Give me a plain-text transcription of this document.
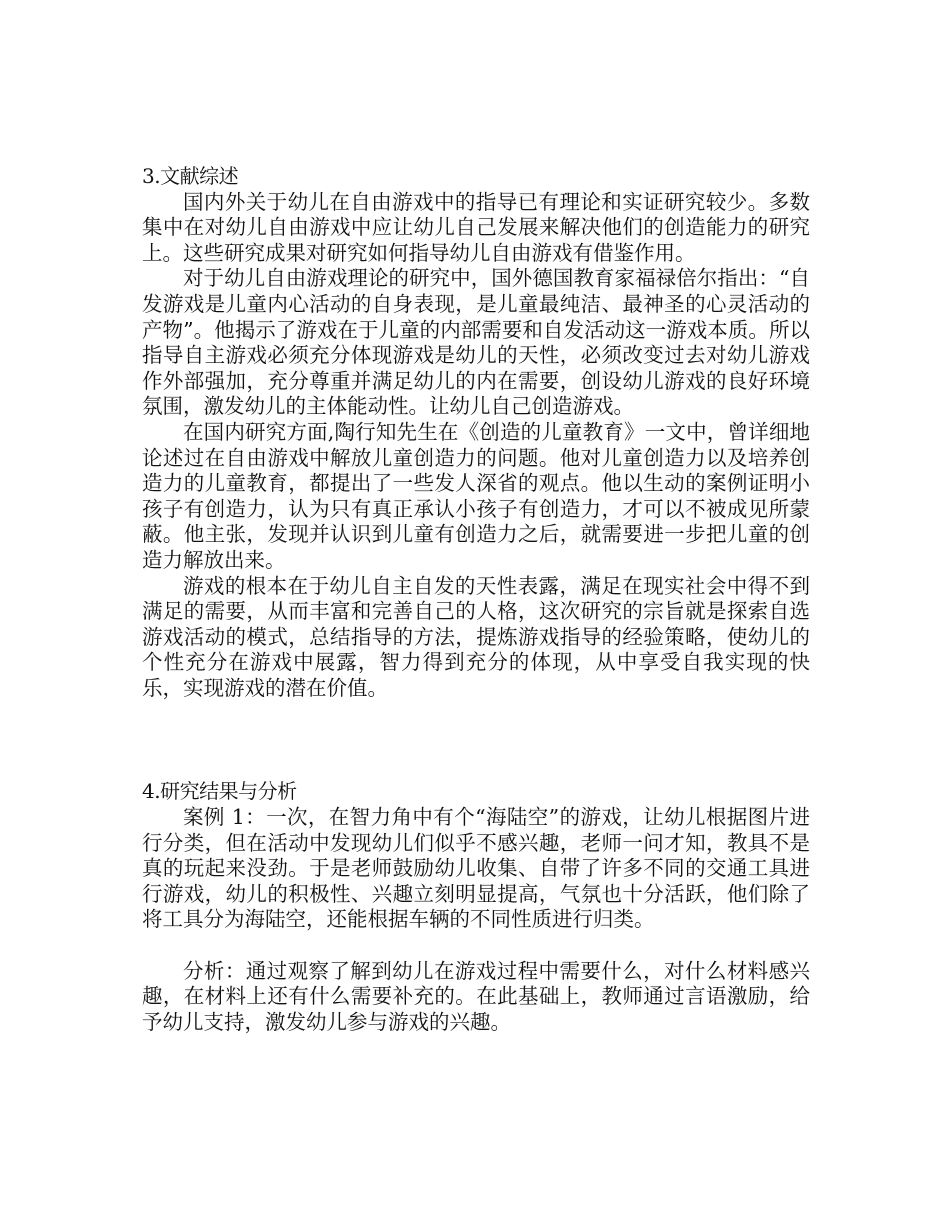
3.文献综述

国内外关于幼儿在自由游戏中的指导已有理论和实证研究较少。多数集中在对幼儿自由游戏中应让幼儿自己发展来解决他们的创造能力的研究上。这些研究成果对研究如何指导幼儿自由游戏有借鉴作用。

对于幼儿自由游戏理论的研究中，国外德国教育家福禄倍尔指出：“自发游戏是儿童内心活动的自身表现，是儿童最纯洁、最神圣的心灵活动的产物”。他揭示了游戏在于儿童的内部需要和自发活动这一游戏本质。所以指导自主游戏必须充分体现游戏是幼儿的天性，必须改变过去对幼儿游戏作外部强加，充分尊重并满足幼儿的内在需要，创设幼儿游戏的良好环境氛围，激发幼儿的主体能动性。让幼儿自己创造游戏。

在国内研究方面,陶行知先生在《创造的儿童教育》一文中，曾详细地论述过在自由游戏中解放儿童创造力的问题。他对儿童创造力以及培养创造力的儿童教育，都提出了一些发人深省的观点。他以生动的案例证明小孩子有创造力，认为只有真正承认小孩子有创造力，才可以不被成见所蒙蔽。他主张，发现并认识到儿童有创造力之后，就需要进一步把儿童的创造力解放出来。

游戏的根本在于幼儿自主自发的天性表露，满足在现实社会中得不到满足的需要，从而丰富和完善自己的人格，这次研究的宗旨就是探索自选游戏活动的模式，总结指导的方法，提炼游戏指导的经验策略，使幼儿的个性充分在游戏中展露，智力得到充分的体现，从中享受自我实现的快乐，实现游戏的潜在价值。

4.研究结果与分析

案例 1：一次，在智力角中有个“海陆空”的游戏，让幼儿根据图片进行分类，但在活动中发现幼儿们似乎不感兴趣，老师一问才知，教具不是真的玩起来没劲。于是老师鼓励幼儿收集、自带了许多不同的交通工具进行游戏，幼儿的积极性、兴趣立刻明显提高，气氛也十分活跃，他们除了将工具分为海陆空，还能根据车辆的不同性质进行归类。

分析：通过观察了解到幼儿在游戏过程中需要什么，对什么材料感兴趣，在材料上还有什么需要补充的。在此基础上，教师通过言语激励，给予幼儿支持，激发幼儿参与游戏的兴趣。
